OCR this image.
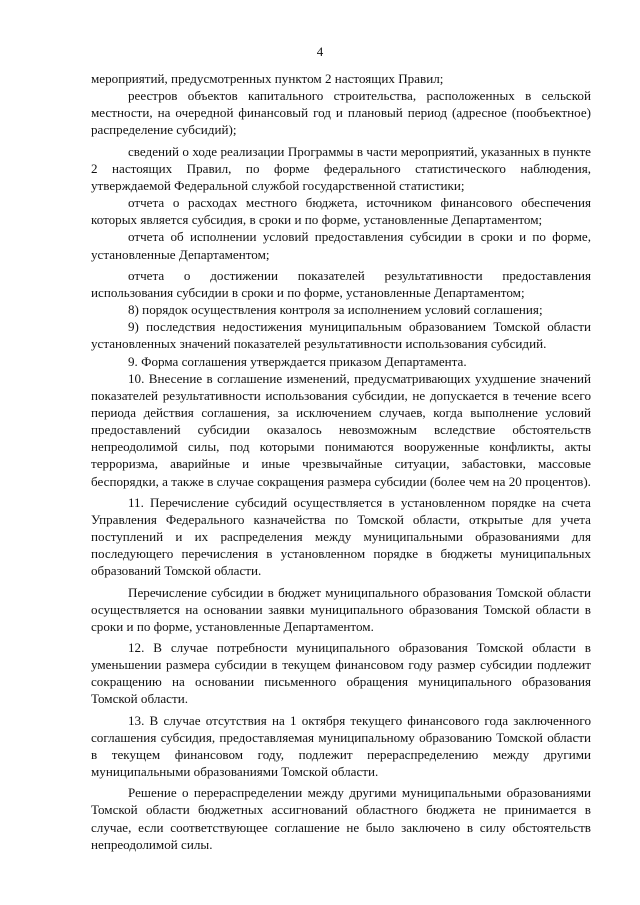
4

мероприятий, предусмотренных пунктом 2 настоящих Правил;

реестров объектов капитального строительства, расположенных в сельской местности, на очередной финансовый год и плановый период (адресное (пообъектное) распределение субсидий);

сведений о ходе реализации Программы в части мероприятий, указанных в пункте 2 настоящих Правил, по форме федерального статистического наблюдения, утверждаемой Федеральной службой государственной статистики;

отчета о расходах местного бюджета, источником финансового обеспечения которых является субсидия, в сроки и по форме, установленные Департаментом;

отчета об исполнении условий предоставления субсидии в сроки и по форме, установленные Департаментом;

отчета о достижении показателей результативности предоставления использования субсидии в сроки и по форме, установленные Департаментом;

8) порядок осуществления контроля за исполнением условий соглашения;

9) последствия недостижения муниципальным образованием Томской области установленных значений показателей результативности использования субсидий.

9. Форма соглашения утверждается приказом Департамента.

10. Внесение в соглашение изменений, предусматривающих ухудшение значений показателей результативности использования субсидии, не допускается в течение всего периода действия соглашения, за исключением случаев, когда выполнение условий предоставлений субсидии оказалось невозможным вследствие обстоятельств непреодолимой силы, под которыми понимаются вооруженные конфликты, акты терроризма, аварийные и иные чрезвычайные ситуации, забастовки, массовые беспорядки, а также в случае сокращения размера субсидии (более чем на 20 процентов).

11. Перечисление субсидий осуществляется в установленном порядке на счета Управления Федерального казначейства по Томской области, открытые для учета поступлений и их распределения между муниципальными образованиями для последующего перечисления в установленном порядке в бюджеты муниципальных образований Томской области.

Перечисление субсидии в бюджет муниципального образования Томской области осуществляется на основании заявки муниципального образования Томской области в сроки и по форме, установленные Департаментом.

12. В случае потребности муниципального образования Томской области в уменьшении размера субсидии в текущем финансовом году размер субсидии подлежит сокращению на основании письменного обращения муниципального образования Томской области.

13. В случае отсутствия на 1 октября текущего финансового года заключенного соглашения субсидия, предоставляемая муниципальному образованию Томской области в текущем финансовом году, подлежит перераспределению между другими муниципальными образованиями Томской области.

Решение о перераспределении между другими муниципальными образованиями Томской области бюджетных ассигнований областного бюджета не принимается в случае, если соответствующее соглашение не было заключено в силу обстоятельств непреодолимой силы.
